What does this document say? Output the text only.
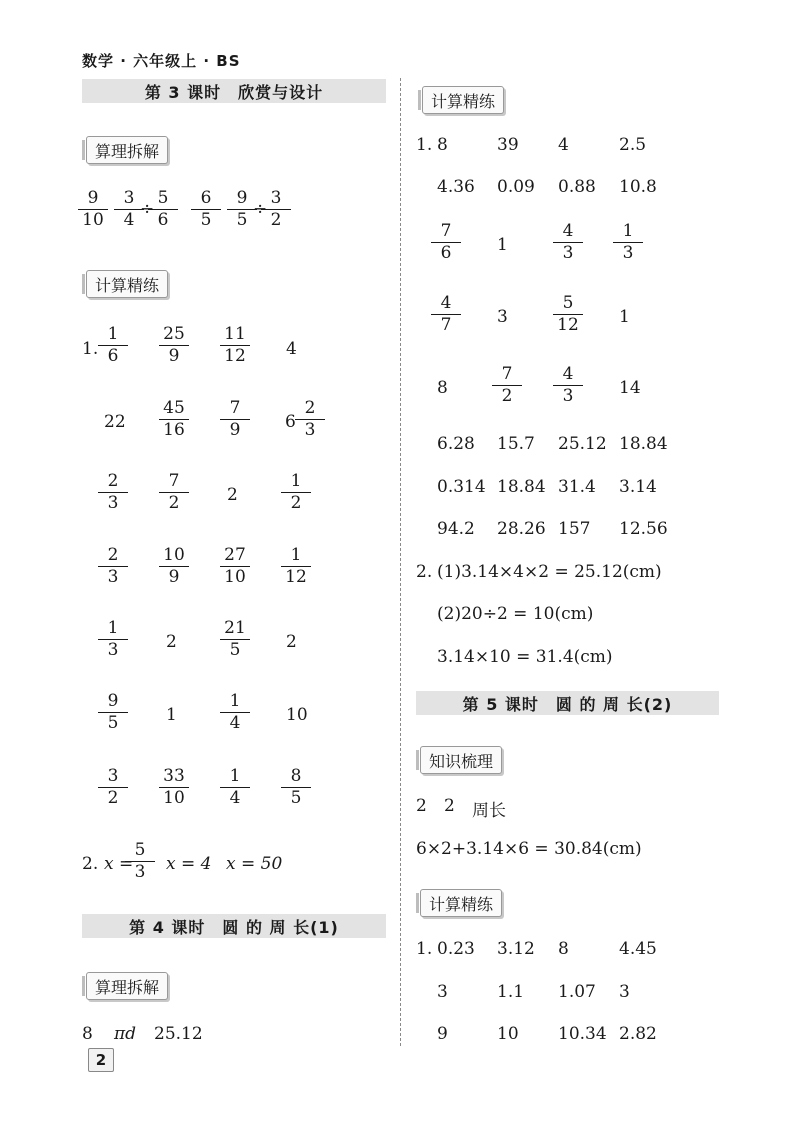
数学 · 六年级上 · BS
第 3 课时　欣赏与设计
算理拆解
$\frac{9}{10} \frac{3}{4}$
÷
$\frac{5}{6} \frac{6}{5} \frac{9}{5}$
÷
$\frac{3}{2}$
计算精练
1. $\frac{1}{6} \frac{25}{9} \frac{11}{12} 4$
$22 \frac{45}{16} \frac{7}{9} 6 \frac{2}{3}$
$\frac{2}{3} \frac{7}{2} 2$	$\frac{1}{2}$
$\frac{2}{3} \frac{10}{9} \frac{27}{10} \frac{1}{12}$
$\frac{1}{3} 2$	$\frac{21}{5} 2$
$\frac{9}{5} 1$	$\frac{1}{4} 10$
$\frac{3}{2} \frac{33}{10} \frac{1}{4} \frac{8}{5}$
2. x =
$\frac{5}{3}$ x = 4 x = 50
第 4 课时　圆 的 周 长(1)
算理拆解
8 πd 25.12
2
计算精练
1. 8	39 4	2.5
4.36 0.09 0.88 10.8
$\frac{7}{6} 1$	$\frac{4}{3} \frac{1}{3}$
$\frac{4}{7} 3$	$\frac{5}{12} 1$
8	$\frac{7}{2} \frac{4}{3} 14$
6.28 15.7 25.12 18.84
0.314 18.84 31.4 3.14
94.2 28.26 157 12.56
2. (1)3.14×4×2 = 25.12(cm)
(2)20÷2 = 10(cm)
3.14×10 = 31.4(cm)
第 5 课时　圆 的 周 长(2)
知识梳理
2 2 周长
6×2+3.14×6 = 30.84(cm)
计算精练
1. 0.23 3.12 8	4.45
3	1.1 1.07 3
9	10 10.34 2.82
